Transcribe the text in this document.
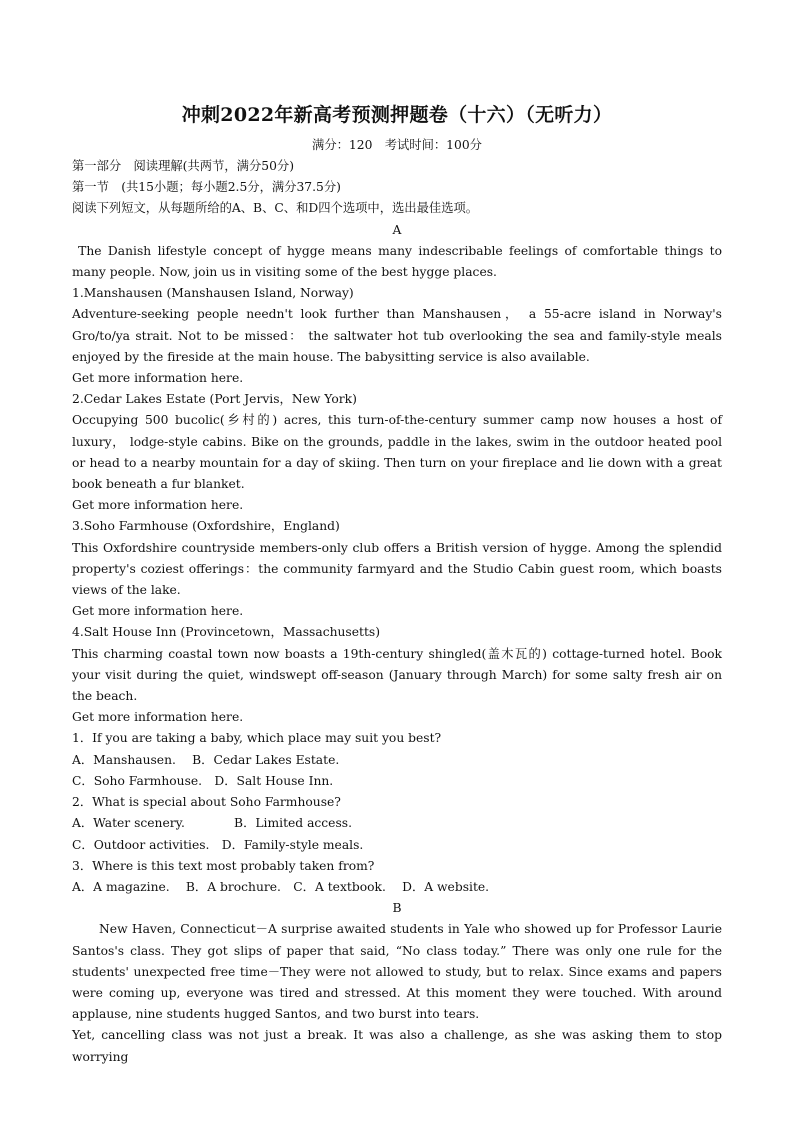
冲刺2022年新高考预测押题卷（十六）（无听力）

满分：120　考试时间：100分

第一部分　阅读理解(共两节，满分50分)

第一节　(共15小题；每小题2.5分，满分37.5分)

阅读下列短文，从每题所给的A、B、C、和D四个选项中，选出最佳选项。

A

The Danish lifestyle concept of hygge means many indescribable feelings of comfortable things to many people. Now, join us in visiting some of the best hygge places.

1.Manshausen (Manshausen Island, Norway)

Adventure-seeking people needn't look further than Manshausen， a 55-acre island in Norway's Gro/to/ya strait. Not to be missed： the saltwater hot tub overlooking the sea and family-style meals enjoyed by the fireside at the main house. The babysitting service is also available.

Get more information here.

2.Cedar Lakes Estate (Port Jervis，New York)

Occupying 500 bucolic(乡村的) acres, this turn-of-the-century summer camp now houses a host of luxury， lodge-style cabins. Bike on the grounds, paddle in the lakes, swim in the outdoor heated pool or head to a nearby mountain for a day of skiing. Then turn on your fireplace and lie down with a great book beneath a fur blanket.

Get more information here.

3.Soho Farmhouse (Oxfordshire，England)

This Oxfordshire countryside members-only club offers a British version of hygge. Among the splendid property's coziest offerings：the community farmyard and the Studio Cabin guest room, which boasts views of the lake.

Get more information here.

4.Salt House Inn (Provincetown，Massachusetts)

This charming coastal town now boasts a 19th-century shingled(盖木瓦的) cottage-turned hotel. Book your visit during the quiet, windswept off-season (January through March) for some salty fresh air on the beach.

Get more information here.

1．If you are taking a baby, which place may suit you best?

A．Manshausen.　 B．Cedar Lakes Estate.

C．Soho Farmhouse.　D．Salt House Inn.

2．What is special about Soho Farmhouse?

A．Water scenery.　　　　B．Limited access.

C．Outdoor activities.　D．Family-style meals.

3．Where is this text most probably taken from?

A．A magazine.　 B．A brochure.　C．A textbook.　 D．A website.

B

New Haven, Connecticut－A surprise awaited students in Yale who showed up for Professor Laurie Santos's class. They got slips of paper that said, “No class today.” There was only one rule for the students' unexpected free time－They were not allowed to study, but to relax. Since exams and papers were coming up, everyone was tired and stressed. At this moment they were touched. With around applause, nine students hugged Santos, and two burst into tears.

Yet, cancelling class was not just a break. It was also a challenge, as she was asking them to stop worrying
